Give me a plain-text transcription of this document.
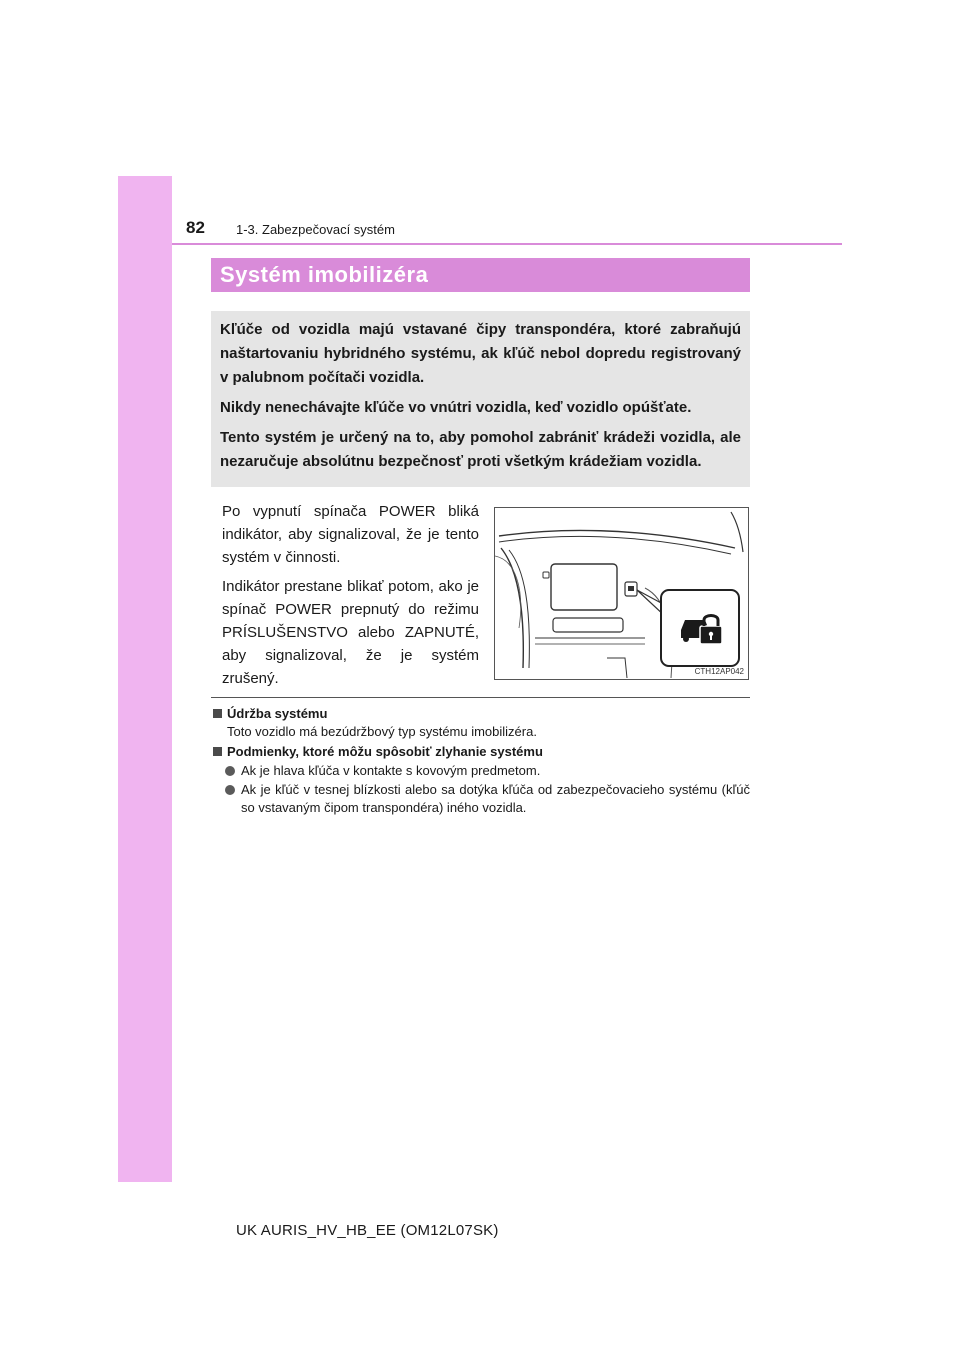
82 1-3. Zabezpečovací systém
Systém imobilizéra

Kľúče od vozidla majú vstavané čipy transpondéra, ktoré zabraňujú naštartovaniu hybridného systému, ak kľúč nebol dopredu registrovaný v palubnom počítači vozidla.

Nikdy nenechávajte kľúče vo vnútri vozidla, keď vozidlo opúšťate.

Tento systém je určený na to, aby pomohol zabrániť krádeži vozidla, ale nezaručuje absolútnu bezpečnosť proti všetkým krádežiam vozidla.

Po vypnutí spínača POWER bliká indikátor, aby signalizoval, že je tento systém v činnosti.

Indikátor prestane blikať potom, ako je spínač POWER prepnutý do režimu PRÍSLUŠENSTVO alebo ZAPNUTÉ, aby signalizoval, že je systém zrušený.	CTH12AP042
Údržba systému
Toto vozidlo má bezúdržbový typ systému imobilizéra.
Podmienky, ktoré môžu spôsobiť zlyhanie systému
Ak je hlava kľúča v kontakte s kovovým predmetom.
Ak je kľúč v tesnej blízkosti alebo sa dotýka kľúča od zabezpečovacieho systému (kľúč so vstavaným čipom transpondéra) iného vozidla.
UK AURIS_HV_HB_EE (OM12L07SK)
